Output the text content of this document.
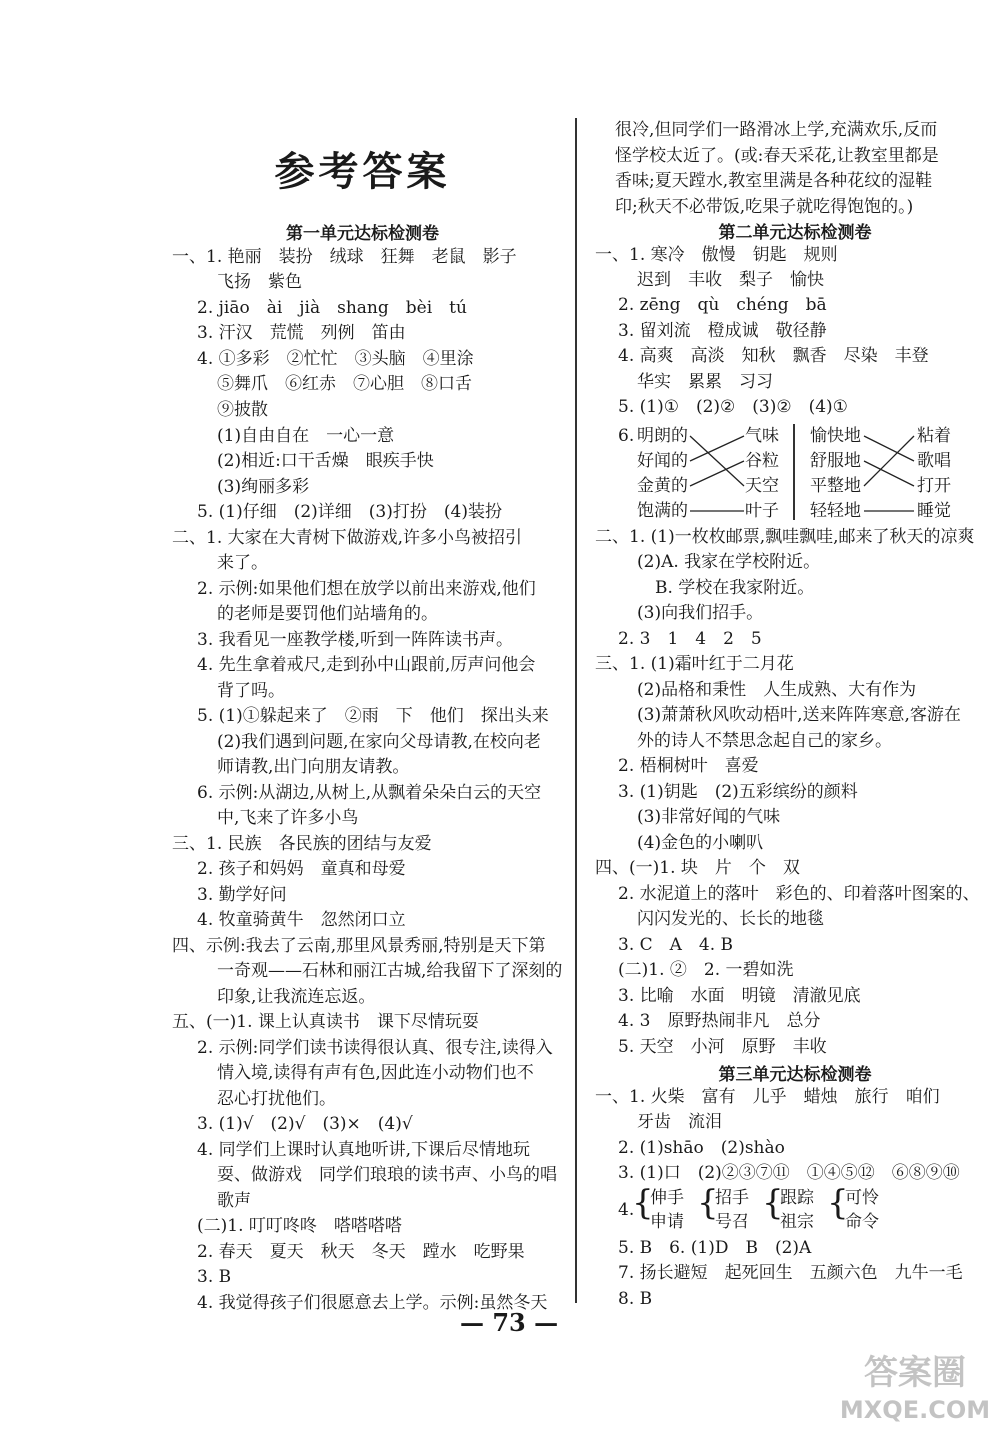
参考答案
第一单元达标检测卷
一、1. 艳丽　装扮　绒球　狂舞　老鼠　影子
飞扬　紫色
2. jiāo　ài　jià　shang　bèi　tú
3. 汗汉　荒慌　列例　笛由
4. ①多彩　②忙忙　③头脑　④里涂
⑤舞爪　⑥红赤　⑦心胆　⑧口舌
⑨披散
(1)自由自在　一心一意
(2)相近:口干舌燥　眼疾手快
(3)绚丽多彩
5. (1)仔细　(2)详细　(3)打扮　(4)装扮
二、1. 大家在大青树下做游戏,许多小鸟被招引
来了。
2. 示例:如果他们想在放学以前出来游戏,他们
的老师是要罚他们站墙角的。
3. 我看见一座教学楼,听到一阵阵读书声。
4. 先生拿着戒尺,走到孙中山跟前,厉声问他会
背了吗。
5. (1)①躲起来了　②雨　下　他们　探出头来
(2)我们遇到问题,在家向父母请教,在校向老
师请教,出门向朋友请教。
6. 示例:从湖边,从树上,从飘着朵朵白云的天空
中,飞来了许多小鸟
三、1. 民族　各民族的团结与友爱
2. 孩子和妈妈　童真和母爱
3. 勤学好问
4. 牧童骑黄牛　忽然闭口立
四、示例:我去了云南,那里风景秀丽,特别是天下第
一奇观——石林和丽江古城,给我留下了深刻的
印象,让我流连忘返。
五、(一)1. 课上认真读书　课下尽情玩耍
2. 示例:同学们读书读得很认真、很专注,读得入
情入境,读得有声有色,因此连小动物们也不
忍心打扰他们。
3. (1)√　(2)√　(3)×　(4)√
4. 同学们上课时认真地听讲,下课后尽情地玩
耍、做游戏　同学们琅琅的读书声、小鸟的唱
歌声
(二)1. 叮叮咚咚　嗒嗒嗒嗒
2. 春天　夏天　秋天　冬天　蹚水　吃野果
3. B
4. 我觉得孩子们很愿意去上学。示例:虽然冬天
很冷,但同学们一路滑冰上学,充满欢乐,反而
怪学校太近了。(或:春天采花,让教室里都是
香味;夏天蹚水,教室里满是各种花纹的湿鞋
印;秋天不必带饭,吃果子就吃得饱饱的。)
第二单元达标检测卷
一、1. 寒冷　傲慢　钥匙　规则
迟到　丰收　梨子　愉快
2. zēng　qù　chéng　bā
3. 留刘流　橙成诚　敬径静
4. 高爽　高淡　知秋　飘香　尽染　丰登
华实　累累　习习
5. (1)①　(2)②　(3)②　(4)①
6. 明朗的
好闻的
金黄的
饱满的
气味
谷粒
天空
叶子
愉快地
舒服地
平整地
轻轻地
粘着
歌唱
打开
睡觉
二、1. (1)一枚枚邮票,飘哇飘哇,邮来了秋天的凉爽
(2)A. 我家在学校附近。
B. 学校在我家附近。
(3)向我们招手。
2. 3　1　4　2　5
三、1. (1)霜叶红于二月花
(2)品格和秉性　人生成熟、大有作为
(3)萧萧秋风吹动梧叶,送来阵阵寒意,客游在
外的诗人不禁思念起自己的家乡。
2. 梧桐树叶　喜爱
3. (1)钥匙　(2)五彩缤纷的颜料
(3)非常好闻的气味
(4)金色的小喇叭
四、(一)1. 块　片　个　双
2. 水泥道上的落叶　彩色的、印着落叶图案的、
闪闪发光的、长长的地毯
3. C　A　4. B
(二)1. ②　2. 一碧如洗
3. 比喻　水面　明镜　清澈见底
4. 3　原野热闹非凡　总分
5. 天空　小河　原野　丰收
第三单元达标检测卷
一、1. 火柴　富有　儿乎　蜡烛　旅行　咱们
牙齿　流泪
2. (1)shāo　(2)shào
3. (1)口　(2)②③⑦⑪　①④⑤⑫　⑥⑧⑨⑩
4.
{
伸手
申请 {
招手
号召 {
跟踪
祖宗 {
可怜
命令
5. B　6. (1)D　B　(2)A
7. 扬长避短　起死回生　五颜六色　九牛一毛
8. B
— 73 —
答案圈
MXQE.COM
